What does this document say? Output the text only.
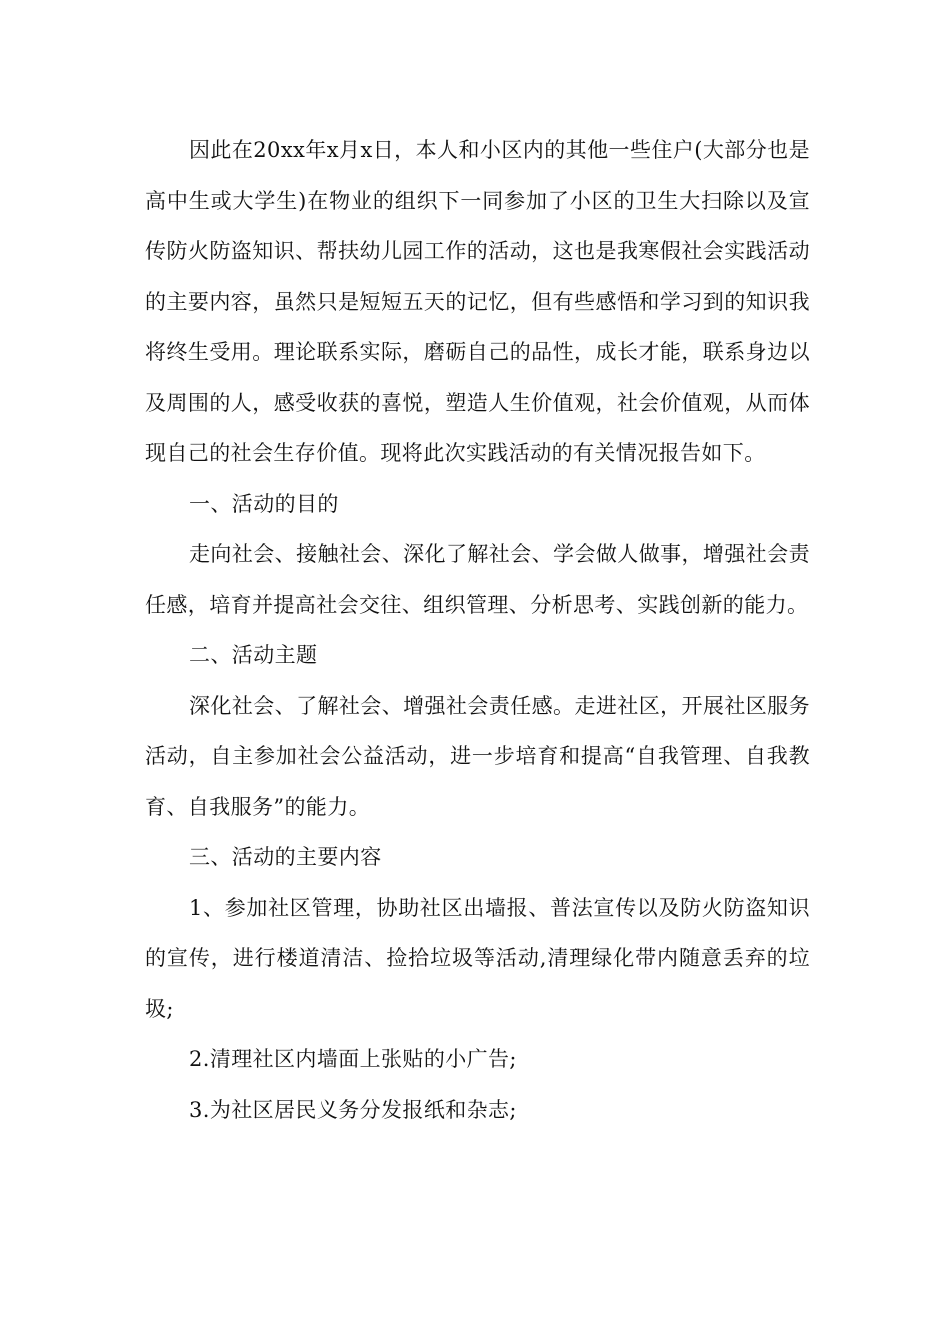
因此在20xx年x月x日，本人和小区内的其他一些住户(大部分也是高中生或大学生)在物业的组织下一同参加了小区的卫生大扫除以及宣传防火防盗知识、帮扶幼儿园工作的活动，这也是我寒假社会实践活动的主要内容，虽然只是短短五天的记忆，但有些感悟和学习到的知识我将终生受用。理论联系实际，磨砺自己的品性，成长才能，联系身边以及周围的人，感受收获的喜悦，塑造人生价值观，社会价值观，从而体现自己的社会生存价值。现将此次实践活动的有关情况报告如下。

一、活动的目的

走向社会、接触社会、深化了解社会、学会做人做事，增强社会责任感，培育并提高社会交往、组织管理、分析思考、实践创新的能力。

二、活动主题

深化社会、了解社会、增强社会责任感。走进社区，开展社区服务活动，自主参加社会公益活动，进一步培育和提高“自我管理、自我教育、自我服务”的能力。

三、活动的主要内容

1、参加社区管理，协助社区出墙报、普法宣传以及防火防盗知识的宣传，进行楼道清洁、捡拾垃圾等活动,清理绿化带内随意丢弃的垃圾;

2.清理社区内墙面上张贴的小广告;

3.为社区居民义务分发报纸和杂志;
